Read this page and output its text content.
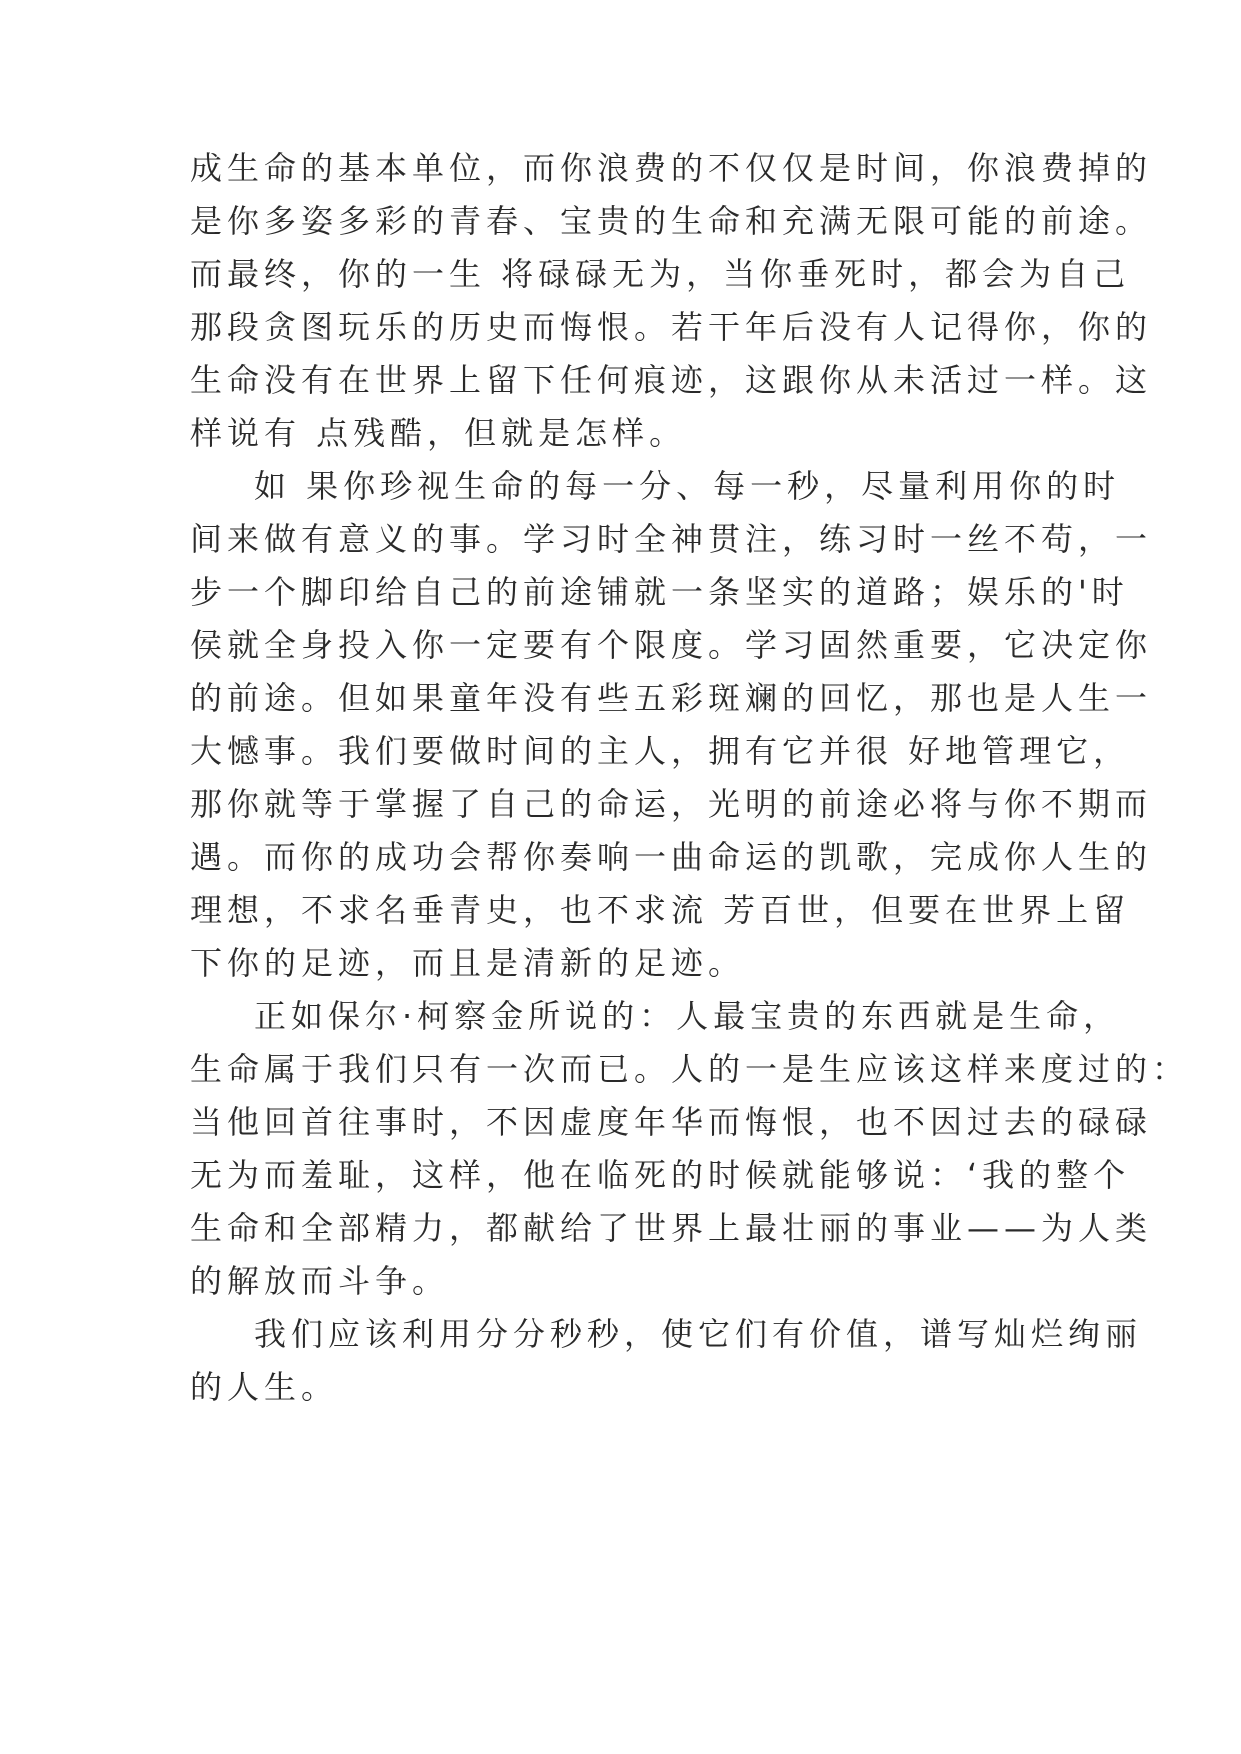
成生命的基本单位，而你浪费的不仅仅是时间，你浪费掉的
是你多姿多彩的青春、宝贵的生命和充满无限可能的前途。
而最终，你的一生 将碌碌无为，当你垂死时，都会为自己
那段贪图玩乐的历史而悔恨。若干年后没有人记得你，你的
生命没有在世界上留下任何痕迹，这跟你从未活过一样。这
样说有 点残酷，但就是怎样。
如 果你珍视生命的每一分、每一秒，尽量利用你的时
间来做有意义的事。学习时全神贯注，练习时一丝不苟，一
步一个脚印给自己的前途铺就一条坚实的道路；娱乐的'时
侯就全身投入你一定要有个限度。学习固然重要，它决定你
的前途。但如果童年没有些五彩斑斓的回忆，那也是人生一
大憾事。我们要做时间的主人，拥有它并很 好地管理它，
那你就等于掌握了自己的命运，光明的前途必将与你不期而
遇。而你的成功会帮你奏响一曲命运的凯歌，完成你人生的
理想，不求名垂青史，也不求流 芳百世，但要在世界上留
下你的足迹，而且是清新的足迹。
正如保尔·柯察金所说的：人最宝贵的东西就是生命，
生命属于我们只有一次而已。人的一是生应该这样来度过的：
当他回首往事时，不因虚度年华而悔恨，也不因过去的碌碌
无为而羞耻，这样，他在临死的时候就能够说：‘我的整个
生命和全部精力，都献给了世界上最壮丽的事业——为人类
的解放而斗争。
我们应该利用分分秒秒，使它们有价值，谱写灿烂绚丽
的人生。
